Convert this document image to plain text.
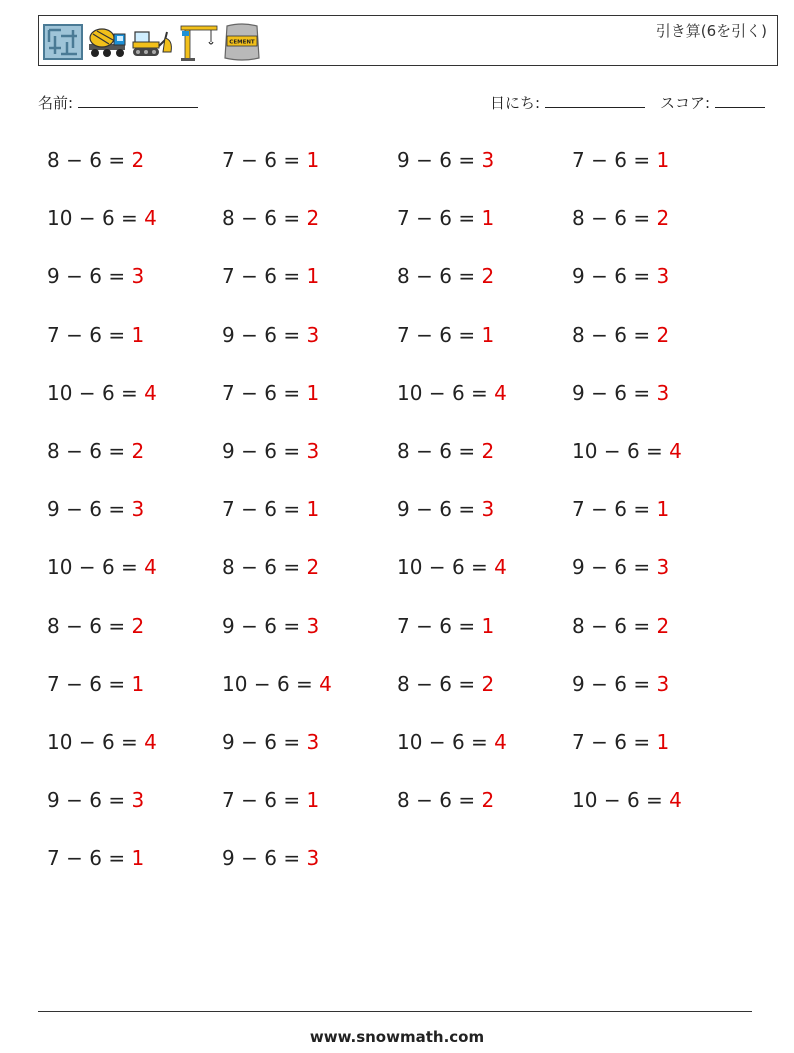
CEMENT
引き算(6を引く)
名前:	日にち:	スコア:
8 − 6 = 2	7 − 6 = 1	9 − 6 = 3	7 − 6 = 1
10 − 6 = 4	8 − 6 = 2	7 − 6 = 1	8 − 6 = 2
9 − 6 = 3	7 − 6 = 1	8 − 6 = 2	9 − 6 = 3
7 − 6 = 1	9 − 6 = 3	7 − 6 = 1	8 − 6 = 2
10 − 6 = 4	7 − 6 = 1	10 − 6 = 4	9 − 6 = 3
8 − 6 = 2	9 − 6 = 3	8 − 6 = 2	10 − 6 = 4
9 − 6 = 3	7 − 6 = 1	9 − 6 = 3	7 − 6 = 1
10 − 6 = 4	8 − 6 = 2	10 − 6 = 4	9 − 6 = 3
8 − 6 = 2	9 − 6 = 3	7 − 6 = 1	8 − 6 = 2
7 − 6 = 1	10 − 6 = 4	8 − 6 = 2	9 − 6 = 3
10 − 6 = 4	9 − 6 = 3	10 − 6 = 4	7 − 6 = 1
9 − 6 = 3	7 − 6 = 1	8 − 6 = 2	10 − 6 = 4
7 − 6 = 1	9 − 6 = 3
www.snowmath.com
